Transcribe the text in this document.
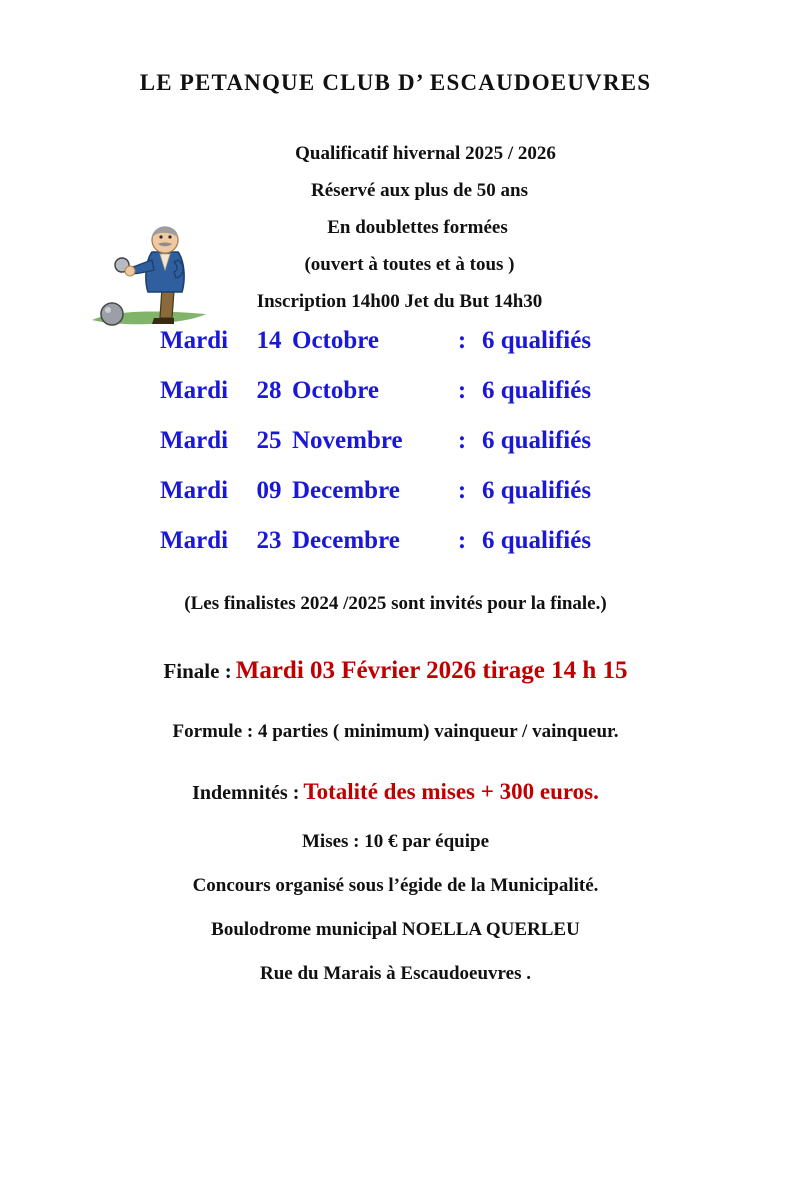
LE PETANQUE CLUB D’ ESCAUDOEUVRES
Qualificatif hivernal 2025 / 2026
Réservé aux plus de 50 ans
En doublettes formées
(ouvert à toutes et à tous )
Inscription 14h00 Jet du But 14h30
Mardi	14 Octobre	: 6 qualifiés
Mardi	28 Octobre	: 6 qualifiés
Mardi	25 Novembre	: 6 qualifiés
Mardi	09 Decembre	: 6 qualifiés
Mardi	23 Decembre	: 6 qualifiés
(Les finalistes 2024 /2025 sont invités pour la finale.)
Finale : Mardi 03 Février 2026 tirage 14 h 15
Formule : 4 parties ( minimum) vainqueur / vainqueur.
Indemnités : Totalité des mises + 300 euros.
Mises : 10 € par équipe
Concours organisé sous l’égide de la Municipalité.
Boulodrome municipal NOELLA QUERLEU
Rue du Marais à Escaudoeuvres .
